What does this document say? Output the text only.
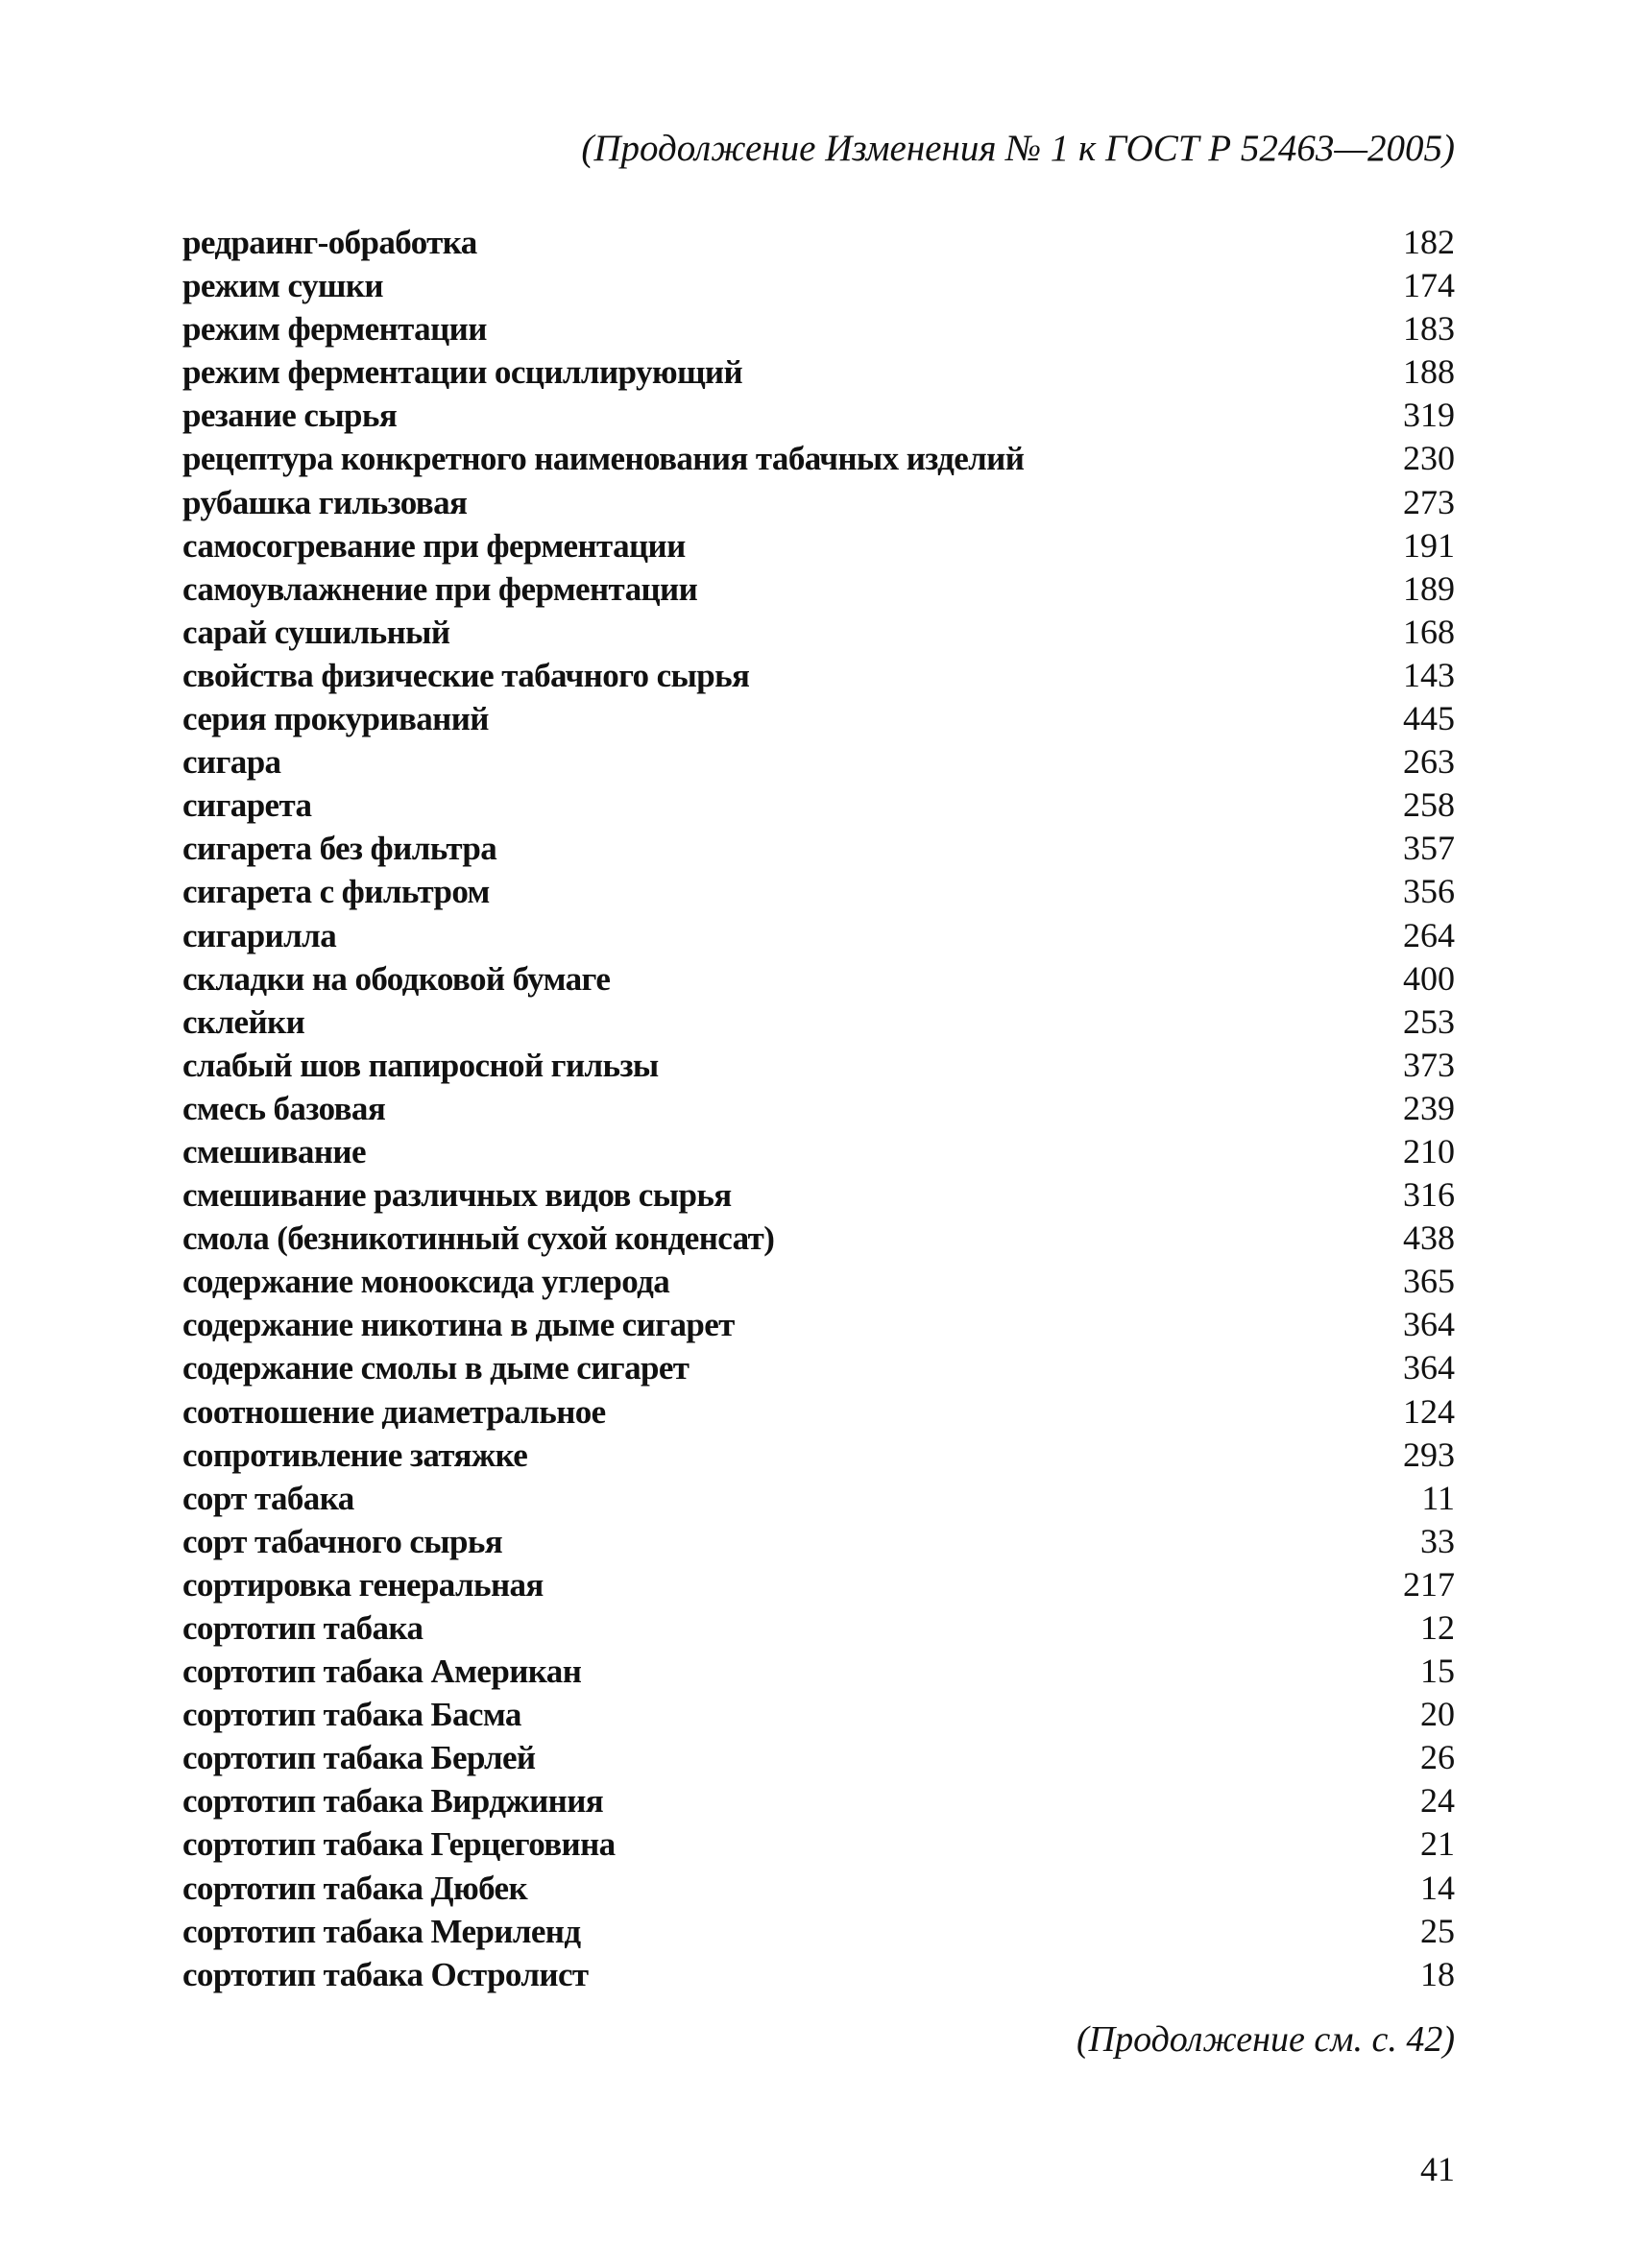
(Продолжение Изменения № 1 к ГОСТ Р 52463—2005)
редраинг-обработка	182
режим сушки	174
режим ферментации	183
режим ферментации осциллирующий	188
резание сырья	319
рецептура конкретного наименования табачных изделий	230
рубашка гильзовая	273
самосогревание при ферментации	191
самоувлажнение при ферментации	189
сарай сушильный	168
свойства физические табачного сырья	143
серия прокуриваний	445
сигара	263
сигарета	258
сигарета без фильтра	357
сигарета с фильтром	356
сигарилла	264
складки на ободковой бумаге	400
склейки	253
слабый шов папиросной гильзы	373
смесь базовая	239
смешивание	210
смешивание различных видов сырья	316
смола (безникотинный сухой конденсат)	438
содержание монооксида углерода	365
содержание никотина в дыме сигарет	364
содержание смолы в дыме сигарет	364
соотношение диаметральное	124
сопротивление затяжке	293
сорт табака	11
сорт табачного сырья	33
сортировка генеральная	217
сортотип табака	12
сортотип табака Американ	15
сортотип табака Басма	20
сортотип табака Берлей	26
сортотип табака Вирджиния	24
сортотип табака Герцеговина	21
сортотип табака Дюбек	14
сортотип табака Мериленд	25
сортотип табака Остролист	18
(Продолжение см. с. 42)
41
